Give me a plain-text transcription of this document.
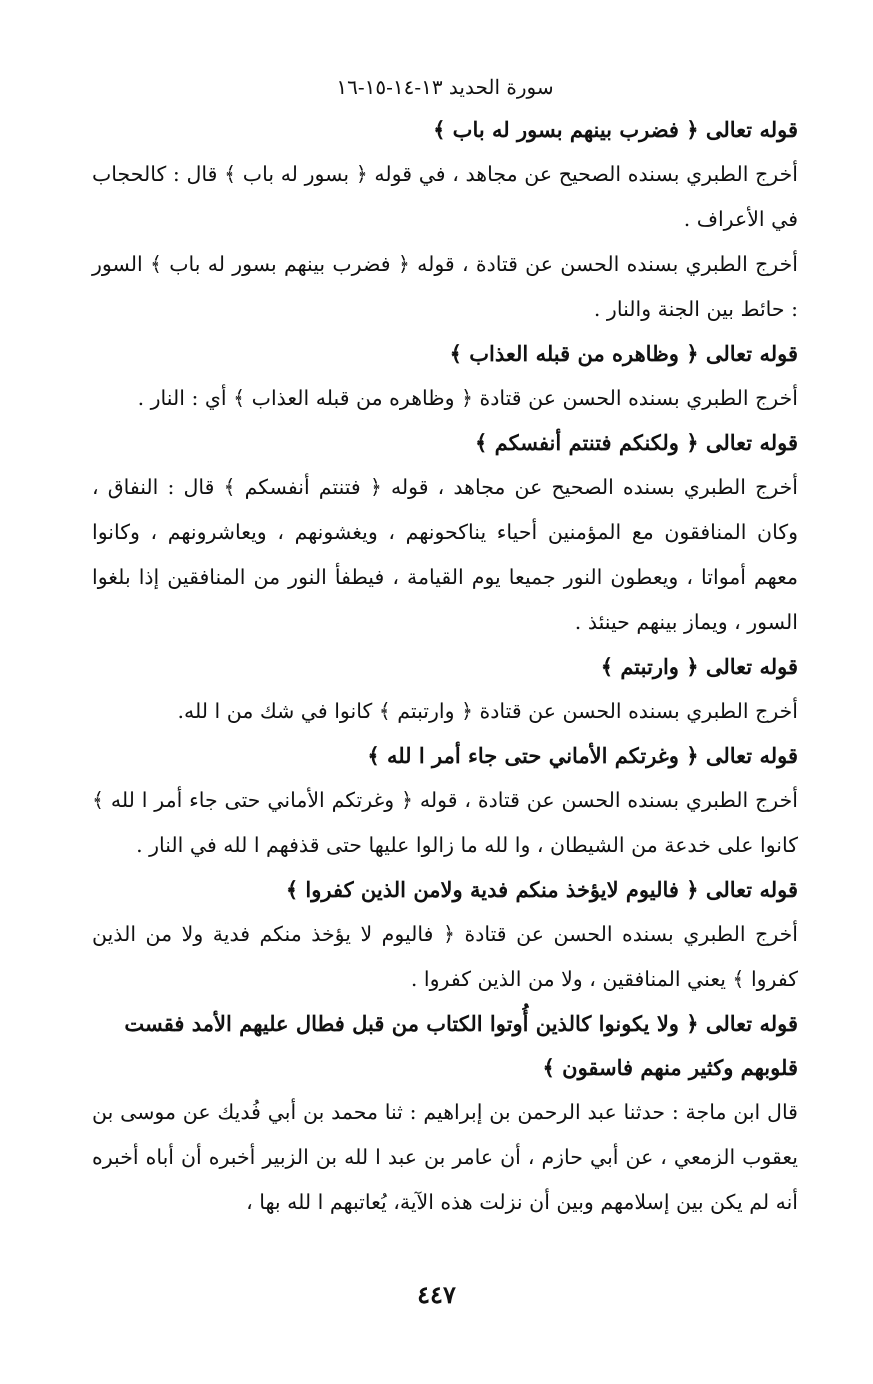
سورة الحديد ١٣-١٤-١٥-١٦
قوله تعالى ﴿ فضرب بينهم بسور له باب ﴾

أخرج الطبري بسنده الصحيح عن مجاهد ، في قوله ﴿ بسور له باب ﴾ قال : كالحجاب في الأعراف .

أخرج الطبري بسنده الحسن عن قتادة ، قوله ﴿ فضرب بينهم بسور له باب ﴾ السور : حائط بين الجنة والنار .

قوله تعالى ﴿ وظاهره من قبله العذاب ﴾

أخرج الطبري بسنده الحسن عن قتادة ﴿ وظاهره من قبله العذاب ﴾ أي : النار .

قوله تعالى ﴿ ولكنكم فتنتم أنفسكم ﴾

أخرج الطبري بسنده الصحيح عن مجاهد ، قوله ﴿ فتنتم أنفسكم ﴾ قال : النفاق ، وكان المنافقون مع المؤمنين أحياء يناكحونهم ، ويغشونهم ، ويعاشرونهم ، وكانوا معهم أمواتا ، ويعطون النور جميعا يوم القيامة ، فيطفأ النور من المنافقين إذا بلغوا السور ، ويماز بينهم حينئذ .

قوله تعالى ﴿ وارتبتم ﴾

أخرج الطبري بسنده الحسن عن قتادة ﴿ وارتبتم ﴾ كانوا في شك من ا لله.

قوله تعالى ﴿ وغرتكم الأماني حتى جاء أمر ا لله ﴾

أخرج الطبري بسنده الحسن عن قتادة ، قوله ﴿ وغرتكم الأماني حتى جاء أمر ا لله ﴾ كانوا على خدعة من الشيطان ، وا لله ما زالوا عليها حتى قذفهم ا لله في النار .

قوله تعالى ﴿ فاليوم لايؤخذ منكم فدية ولامن الذين كفروا ﴾

أخرج الطبري بسنده الحسن عن قتادة ﴿ فاليوم لا يؤخذ منكم فدية ولا من الذين كفروا ﴾ يعني المنافقين ، ولا من الذين كفروا .

قوله تعالى ﴿ ولا يكونوا كالذين أُوتوا الكتاب من قبل فطال عليهم الأمد فقست قلوبهم وكثير منهم فاسقون ﴾

قال ابن ماجة : حدثنا عبد الرحمن بن إبراهيم : ثنا محمد بن أبي فُديك عن موسى بن يعقوب الزمعي ، عن أبي حازم ، أن عامر بن عبد ا لله بن الزبير أخبره أن أباه أخبره أنه لم يكن بين إسلامهم وبين أن نزلت هذه الآية، يُعاتبهم ا لله بها ،

٤٤٧
